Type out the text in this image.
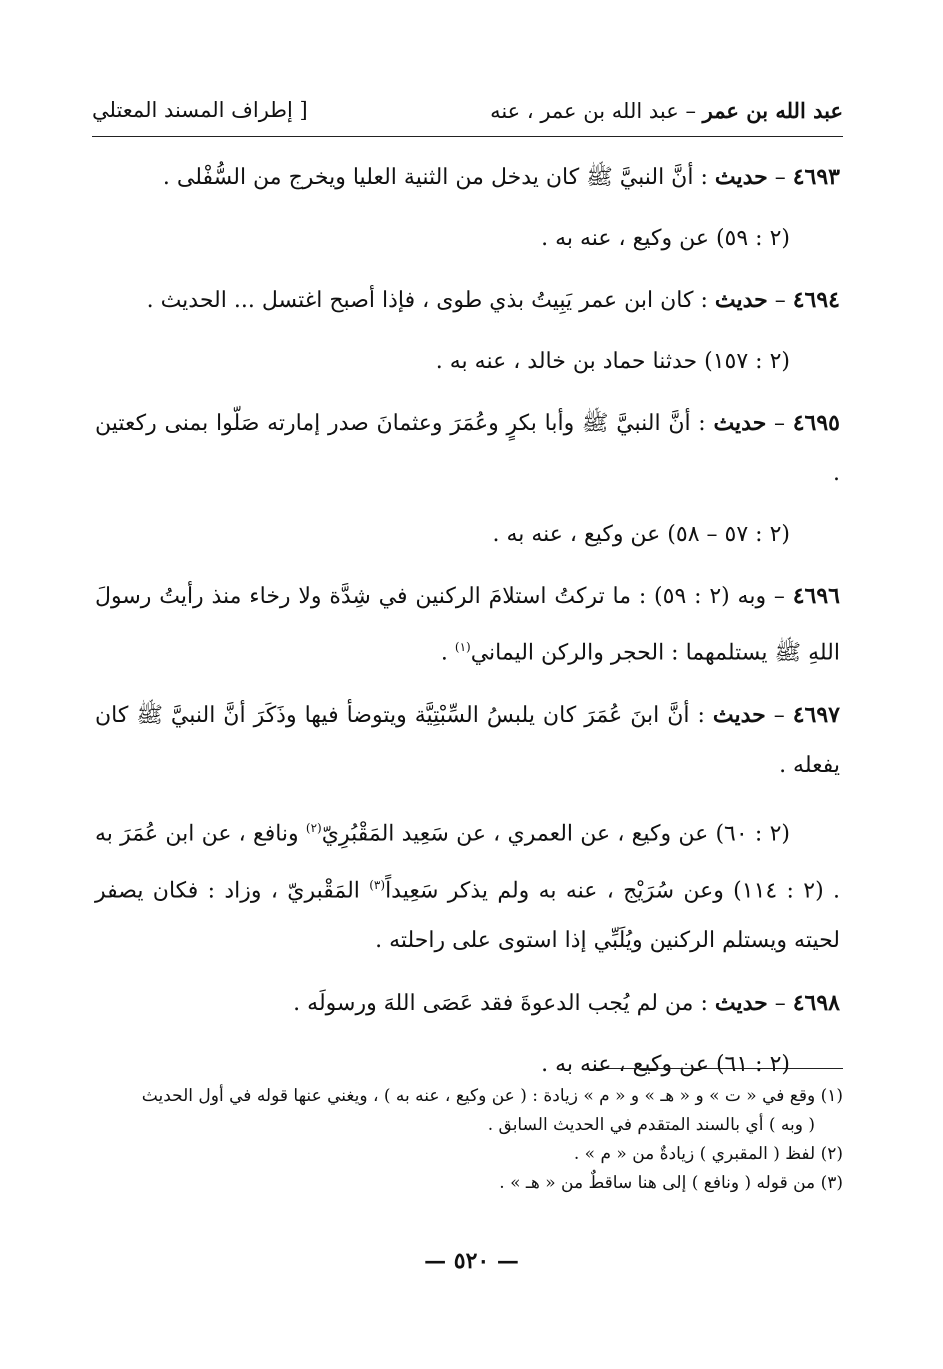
عبد الله بن عمر – عبد الله بن عمر ، عنه
[ إطراف المسند المعتلي

٤٦٩٣ – حديث : أنَّ النبيَّ ﷺ كان يدخل من الثنية العليا ويخرج من السُّفْلى .

(٢ : ٥٩) عن وكيع ، عنه به .

٤٦٩٤ – حديث : كان ابن عمر يَبِيتُ بذي طوى ، فإذا أصبح اغتسل ... الحديث .

(٢ : ١٥٧) حدثنا حماد بن خالد ، عنه به .

٤٦٩٥ – حديث : أنَّ النبيَّ ﷺ وأبا بكرٍ وعُمَرَ وعثمانَ صدر إمارته صَلّوا بمنى ركعتين .

(٢ : ٥٧ – ٥٨) عن وكيع ، عنه به .

٤٦٩٦ – وبه (٢ : ٥٩) : ما تركتُ استلامَ الركنين في شِدَّة ولا رخاء منذ رأيتُ رسولَ اللهِ ﷺ يستلمهما : الحجر والركن اليماني$^{(١)}$ .

٤٦٩٧ – حديث : أنَّ ابنَ عُمَرَ كان يلبسُ السِّبْتِيَّة ويتوضأ فيها وذَكَرَ أنَّ النبيَّ ﷺ كان يفعله .

(٢ : ٦٠) عن وكيع ، عن العمري ، عن سَعِيد المَقْبُرِيّ$^{(٢)}$ ونافع ، عن ابن عُمَرَ به . (٢ : ١١٤) وعن سُرَيْج ، عنه به ولم يذكر سَعِيداً$^{(٣)}$ المَقْبريّ ، وزاد : فكان يصفر لحيته ويستلم الركنين ويُلَبِّي إذا استوى على راحلته .

٤٦٩٨ – حديث : من لم يُجب الدعوةَ فقد عَصَى اللهَ ورسولَه .

(٢ : ٦١) عن وكيع ، عنه به .

(١) وقع في « ت » و « هـ » و « م » زيادة : ( عن وكيع ، عنه به ) ، ويغني عنها قوله في أول الحديث
( وبه ) أي بالسند المتقدم في الحديث السابق .
(٢) لفظ ( المقبري ) زيادةٌ من « م » .
(٣) من قوله ( ونافع ) إلى هنا ساقطٌ من « هـ » .
— ٥٢٠ —
